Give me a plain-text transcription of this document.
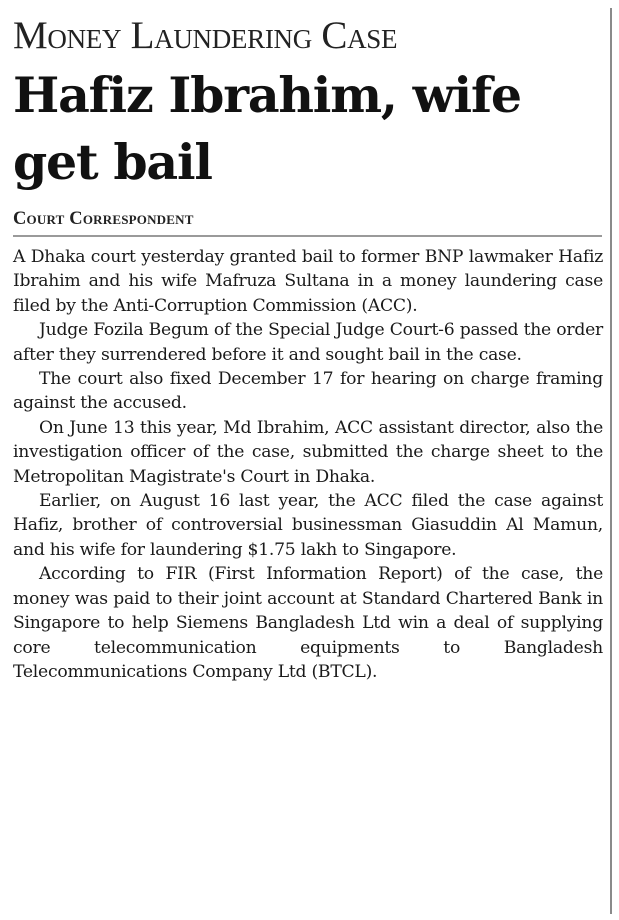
Money Laundering Case
Hafiz Ibrahim, wife get bail
Court Correspondent

A Dhaka court yesterday granted bail to former BNP lawmaker Hafiz Ibrahim and his wife Mafruza Sultana in a money laundering case filed by the Anti-Corruption Commission (ACC).

Judge Fozila Begum of the Special Judge Court-6 passed the order after they surrendered before it and sought bail in the case.

The court also fixed December 17 for hearing on charge framing against the accused.

On June 13 this year, Md Ibrahim, ACC assistant director, also the investigation officer of the case, submitted the charge sheet to the Metropolitan Magistrate's Court in Dhaka.

Earlier, on August 16 last year, the ACC filed the case against Hafiz, brother of controversial businessman Giasuddin Al Mamun, and his wife for laundering $1.75 lakh to Singapore.

According to FIR (First Information Report) of the case, the money was paid to their joint account at Standard Chartered Bank in Singapore to help Siemens Bangladesh Ltd win a deal of supplying core telecommunication equipments to Bangladesh Telecommunications Company Ltd (BTCL).
